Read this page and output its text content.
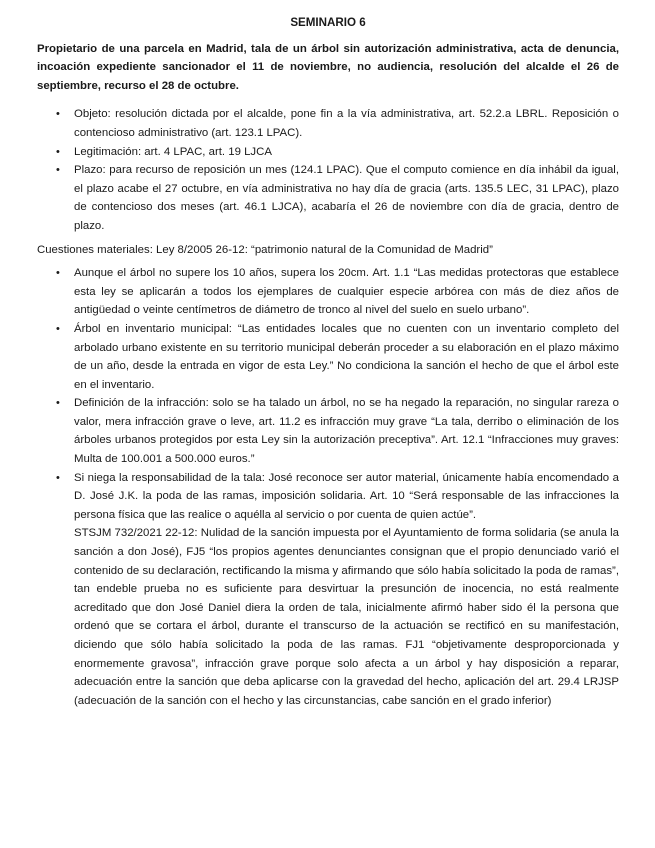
SEMINARIO 6
Propietario de una parcela en Madrid, tala de un árbol sin autorización administrativa, acta de denuncia, incoación expediente sancionador el 11 de noviembre, no audiencia, resolución del alcalde el 26 de septiembre, recurso el 28 de octubre.
• Objeto: resolución dictada por el alcalde, pone fin a la vía administrativa, art. 52.2.a LBRL. Reposición o contencioso administrativo (art. 123.1 LPAC).
• Legitimación: art. 4 LPAC, art. 19 LJCA
• Plazo: para recurso de reposición un mes (124.1 LPAC). Que el computo comience en día inhábil da igual, el plazo acabe el 27 octubre, en vía administrativa no hay día de gracia (arts. 135.5 LEC, 31 LPAC), plazo de contencioso dos meses (art. 46.1 LJCA), acabaría el 26 de noviembre con día de gracia, dentro de plazo.
Cuestiones materiales: Ley 8/2005 26-12: “patrimonio natural de la Comunidad de Madrid”
• Aunque el árbol no supere los 10 años, supera los 20cm. Art. 1.1 “Las medidas protectoras que establece esta ley se aplicarán a todos los ejemplares de cualquier especie arbórea con más de diez años de antigüedad o veinte centímetros de diámetro de tronco al nivel del suelo en suelo urbano”.
• Árbol en inventario municipal: “Las entidades locales que no cuenten con un inventario completo del arbolado urbano existente en su territorio municipal deberán proceder a su elaboración en el plazo máximo de un año, desde la entrada en vigor de esta Ley.” No condiciona la sanción el hecho de que el árbol este en el inventario.
• Definición de la infracción: solo se ha talado un árbol, no se ha negado la reparación, no singular rareza o valor, mera infracción grave o leve, art. 11.2 es infracción muy grave “La tala, derribo o eliminación de los árboles urbanos protegidos por esta Ley sin la autorización preceptiva”. Art. 12.1 “Infracciones muy graves: Multa de 100.001 a 500.000 euros.”
• Si niega la responsabilidad de la tala: José reconoce ser autor material, únicamente había encomendado a D. José J.K. la poda de las ramas, imposición solidaria. Art. 10 “Será responsable de las infracciones la persona física que las realice o aquélla al servicio o por cuenta de quien actúe”.
STSJM 732/2021 22-12: Nulidad de la sanción impuesta por el Ayuntamiento de forma solidaria (se anula la sanción a don José), FJ5 “los propios agentes denunciantes consignan que el propio denunciado varió el contenido de su declaración, rectificando la misma y afirmando que sólo había solicitado la poda de ramas”, tan endeble prueba no es suficiente para desvirtuar la presunción de inocencia, no está realmente acreditado que don José Daniel diera la orden de tala, inicialmente afirmó haber sido él la persona que ordenó que se cortara el árbol, durante el transcurso de la actuación se rectificó en su manifestación, diciendo que sólo había solicitado la poda de las ramas. FJ1 “objetivamente desproporcionada y enormemente gravosa”, infracción grave porque solo afecta a un árbol y hay disposición a reparar, adecuación entre la sanción que deba aplicarse con la gravedad del hecho, aplicación del art. 29.4 LRJSP (adecuación de la sanción con el hecho y las circunstancias, cabe sanción en el grado inferior)
